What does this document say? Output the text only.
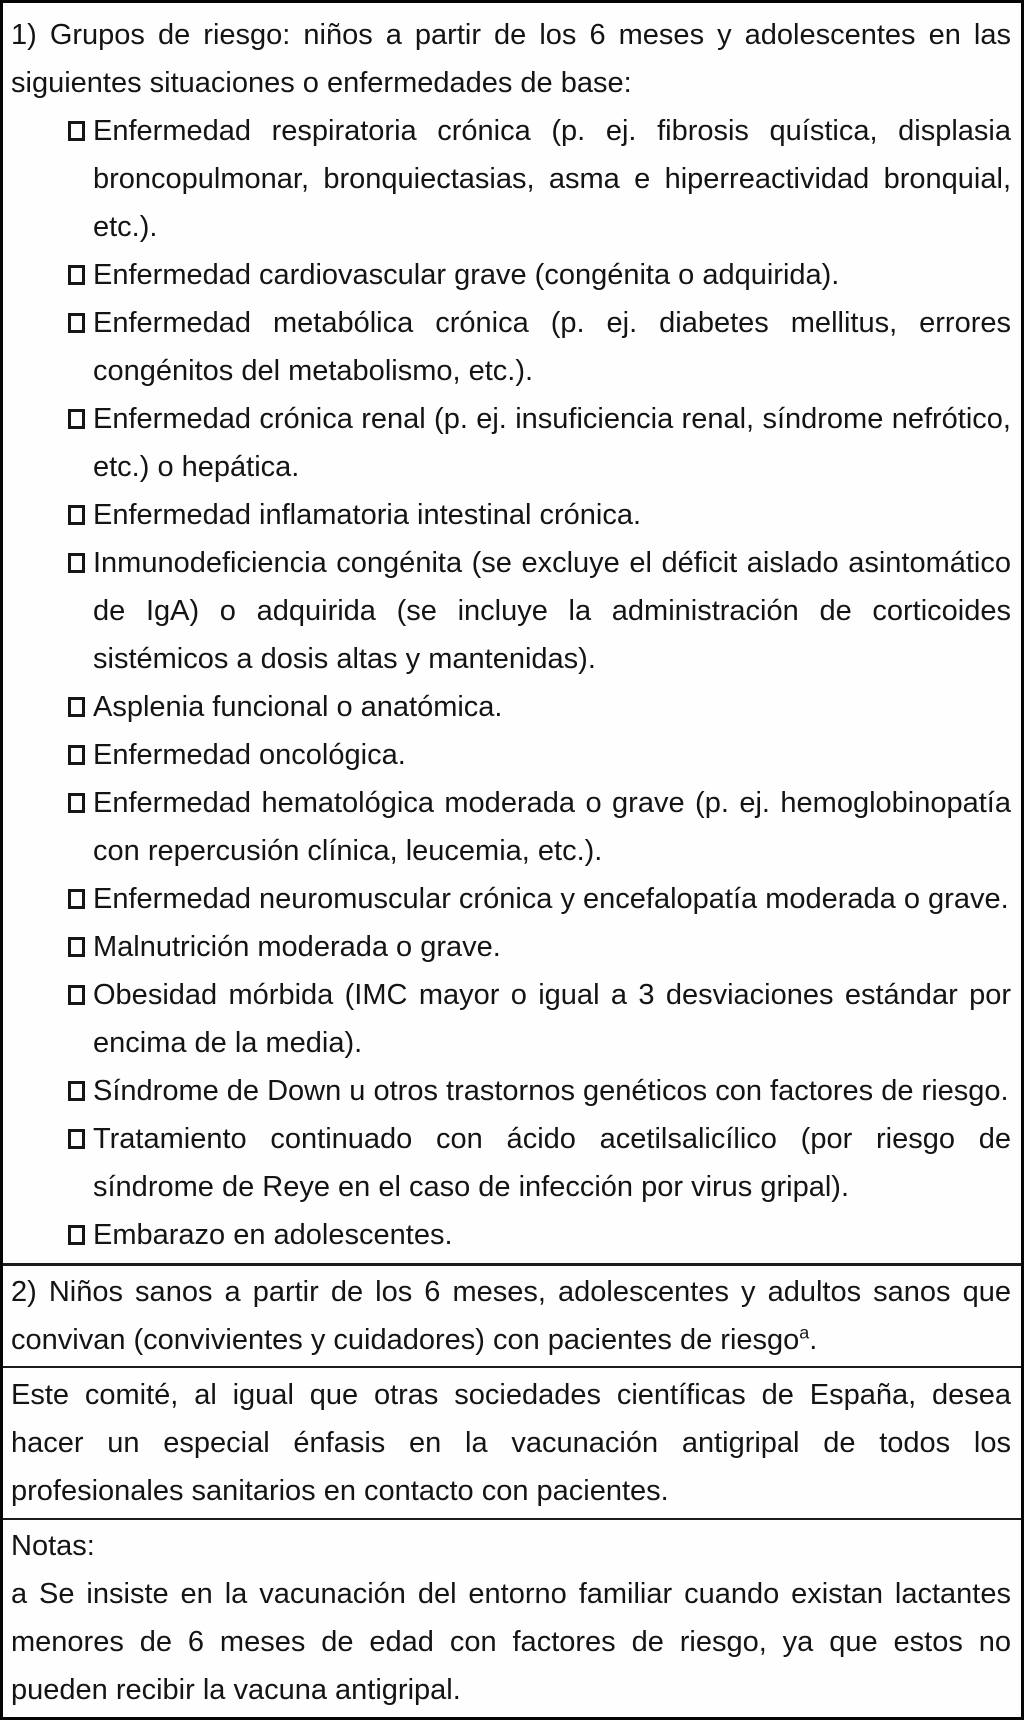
1) Grupos de riesgo: niños a partir de los 6 meses y adolescentes en las siguientes situaciones o enfermedades de base:

Enfermedad respiratoria crónica (p. ej. fibrosis quística, displasia broncopulmonar, bronquiectasias, asma e hiperreactividad bronquial, etc.).
Enfermedad cardiovascular grave (congénita o adquirida).
Enfermedad metabólica crónica (p. ej. diabetes mellitus, errores congénitos del metabolismo, etc.).
Enfermedad crónica renal (p. ej. insuficiencia renal, síndrome nefrótico, etc.) o hepática.
Enfermedad inflamatoria intestinal crónica.
Inmunodeficiencia congénita (se excluye el déficit aislado asintomático de IgA) o adquirida (se incluye la administración de corticoides sistémicos a dosis altas y mantenidas).
Asplenia funcional o anatómica.
Enfermedad oncológica.
Enfermedad hematológica moderada o grave (p. ej. hemoglobinopatía con repercusión clínica, leucemia, etc.).
Enfermedad neuromuscular crónica y encefalopatía moderada o grave.
Malnutrición moderada o grave.
Obesidad mórbida (IMC mayor o igual a 3 desviaciones estándar por encima de la media).
Síndrome de Down u otros trastornos genéticos con factores de riesgo.
Tratamiento continuado con ácido acetilsalicílico (por riesgo de síndrome de Reye en el caso de infección por virus gripal).
Embarazo en adolescentes.

2) Niños sanos a partir de los 6 meses, adolescentes y adultos sanos que convivan (convivientes y cuidadores) con pacientes de riesgo$^a$.

Este comité, al igual que otras sociedades científicas de España, desea hacer un especial énfasis en la vacunación antigripal de todos los profesionales sanitarios en contacto con pacientes.

Notas:

a Se insiste en la vacunación del entorno familiar cuando existan lactantes menores de 6 meses de edad con factores de riesgo, ya que estos no pueden recibir la vacuna antigripal.
